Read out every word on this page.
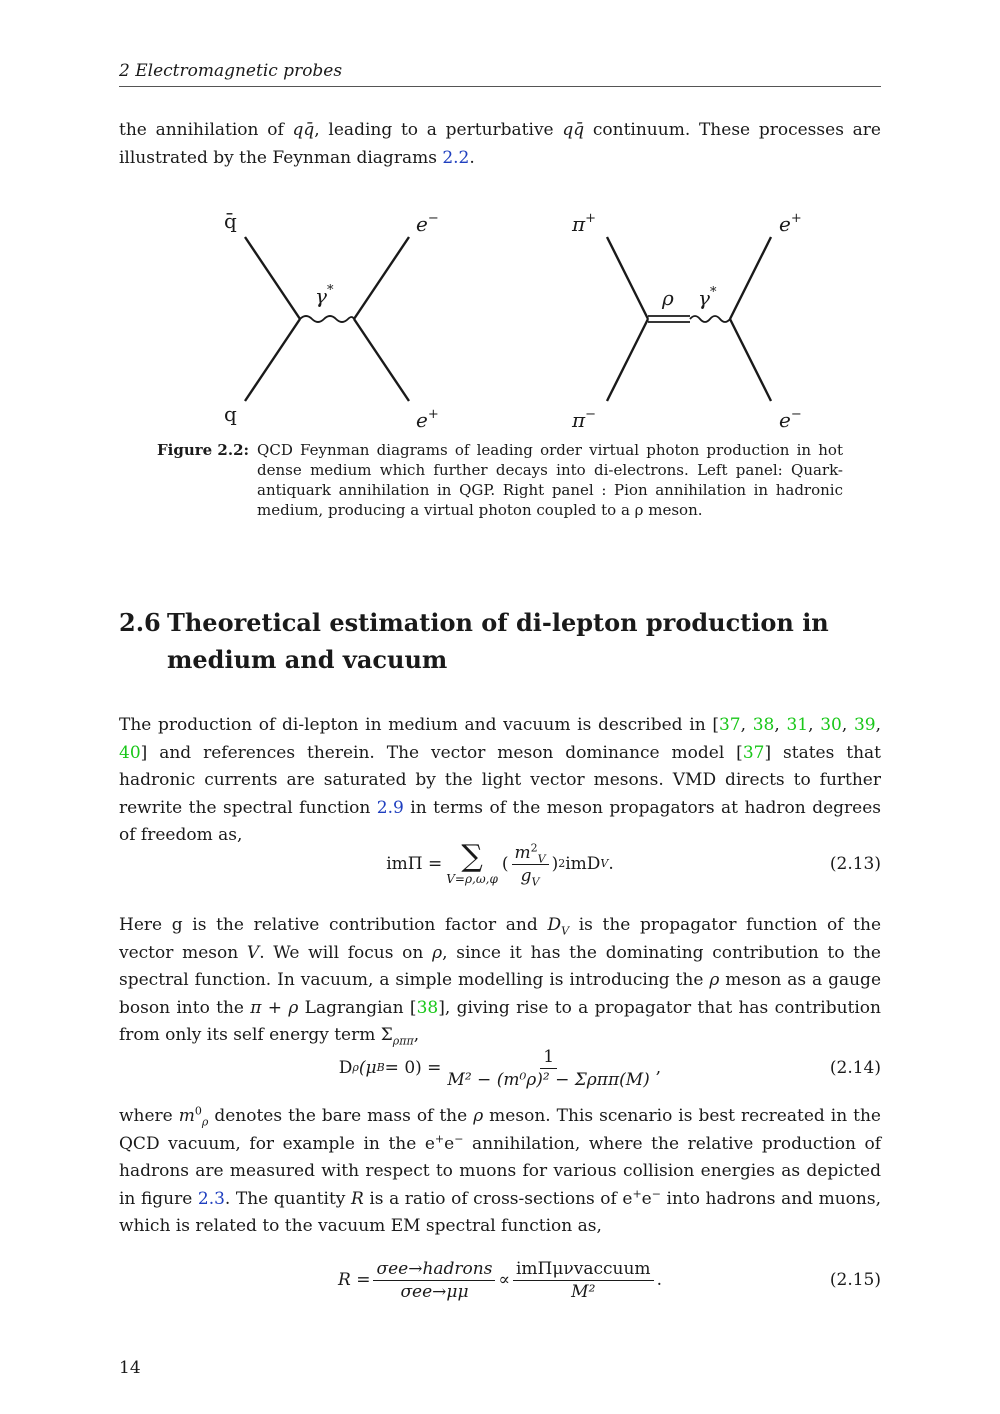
2 Electromagnetic probes

the annihilation of qq̄, leading to a perturbative qq̄ continuum. These processes are illustrated by the Feynman diagrams 2.2.

q̄
q
e−
e+
γ*
π+
π−
e+
e−
ρ γ*
Figure 2.2: QCD Feynman diagrams of leading order virtual photon production in hot dense medium which further decays into di-electrons. Left panel: Quark-antiquark annihilation in QGP. Right panel : Pion annihilation in hadronic medium, producing a virtual photon coupled to a ρ meson.
2.6 Theoretical estimation of di-lepton production in medium and vacuum

The production of di-lepton in medium and vacuum is described in [37, 38, 31, 30, 39, 40] and references therein. The vector meson dominance model [37] states that hadronic currents are saturated by the light vector mesons. VMD directs to further rewrite the spectral function 2.9 in terms of the meson propagators at hadron degrees of freedom as,

imΠ = ∑
V=ρ,ω,φ
( $\frac{m^2_V}{g_V}$ ) 2 imD V .	(2.13)

Here g is the relative contribution factor and $D_V$ is the propagator function of the vector meson V. We will focus on ρ, since it has the dominating contribution to the spectral function. In vacuum, a simple modelling is introducing the ρ meson as a gauge boson into the π + ρ Lagrangian [38], giving rise to a propagator that has contribution from only its self energy term $\Sigma_{\rho\pi\pi}$,

D ρ (μ $B = 0) = \frac{1}{\text{M² − (m⁰ρ)² − Σρππ(M)}}$ ,	(2.14)

where $m^0_\rho$ denotes the bare mass of the ρ meson. This scenario is best recreated in the QCD vacuum, for example in the e+e− annihilation, where the relative production of hadrons are measured with respect to muons for various collision energies as depicted in figure 2.3. The quantity R is a ratio of cross-sections of e+e− into hadrons and muons, which is related to the vacuum EM spectral function as,

$R = \frac{\text{σee→hadrons}}{\text{σee→μμ}} \propto \frac{\text{imΠμνvaccuum}}{\text{M²}}$ .	(2.15)
14
